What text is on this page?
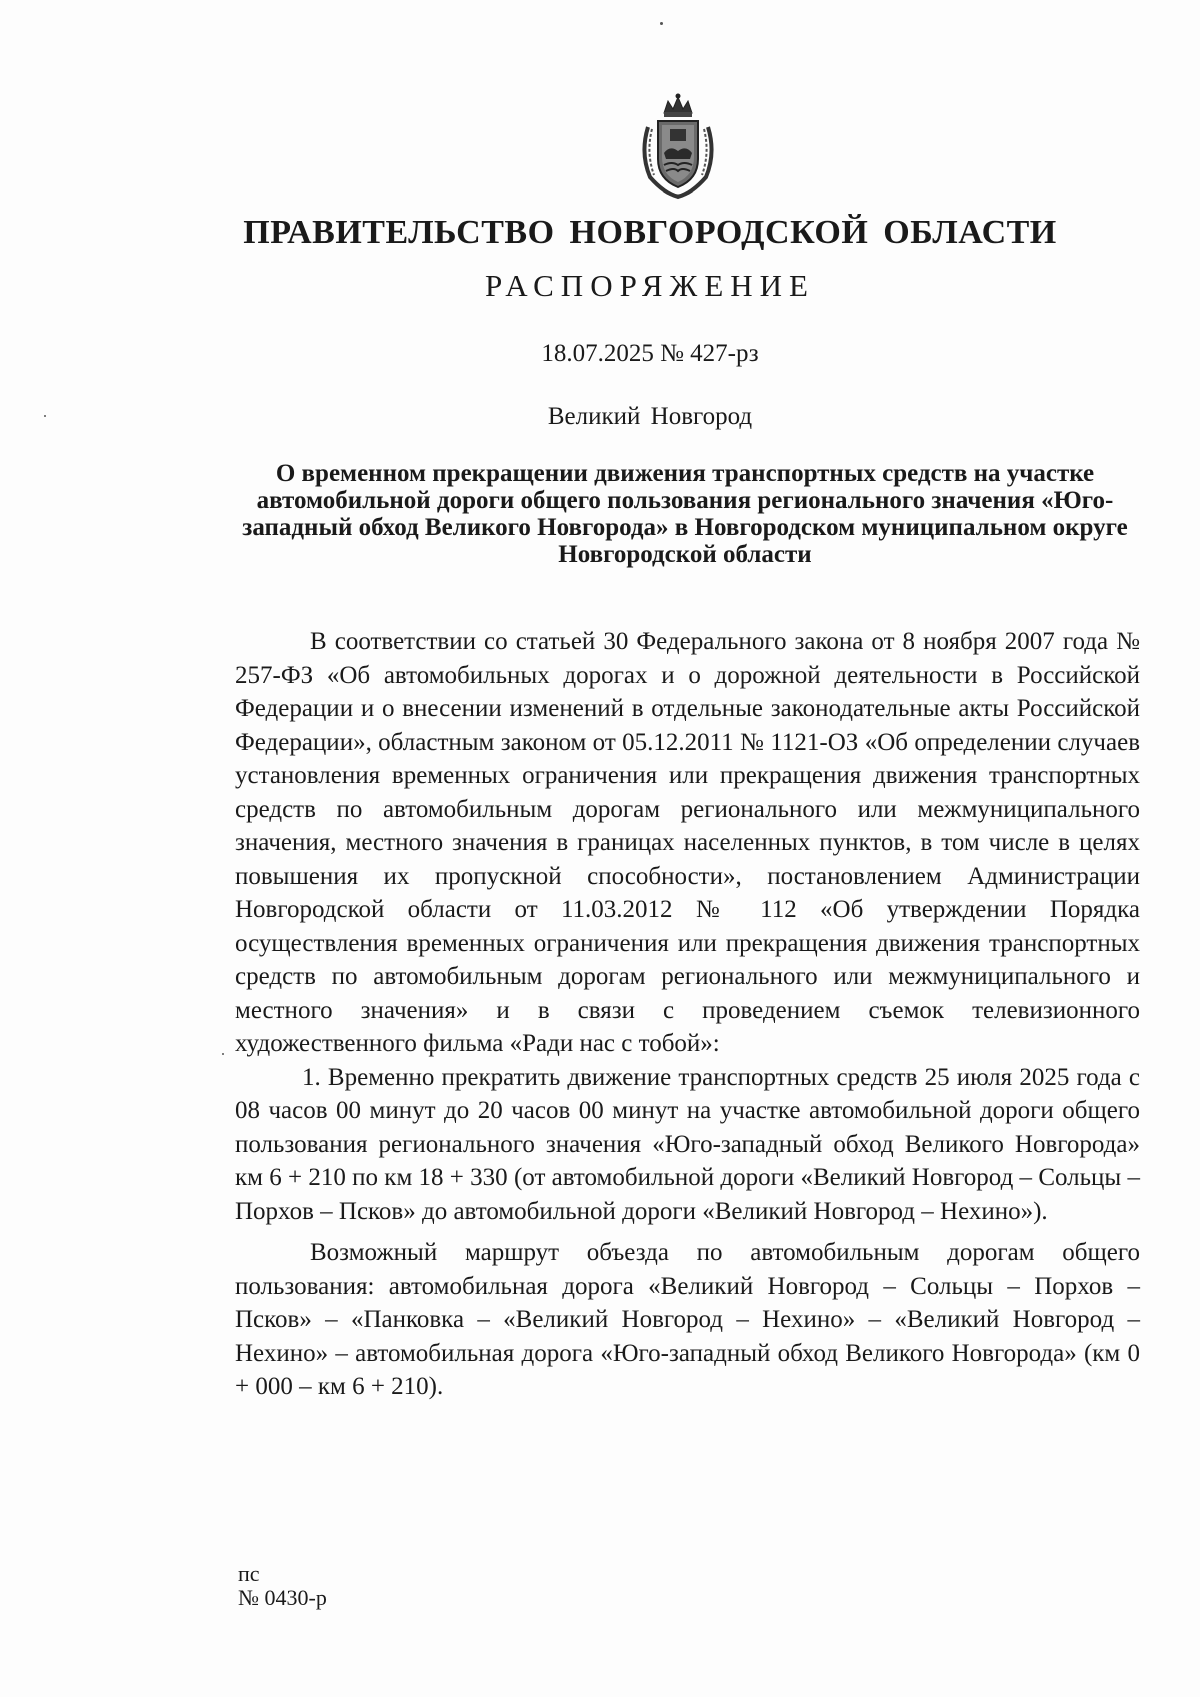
ПРАВИТЕЛЬСТВО НОВГОРОДСКОЙ ОБЛАСТИ
РАСПОРЯЖЕНИЕ
18.07.2025 № 427-рз
Великий Новгород
О временном прекращении движения транспортных средств на участке автомобильной дороги общего пользования регионального значения «Юго-западный обход Великого Новгорода» в Новгородском муниципальном округе Новгородской области

В соответствии со статьей 30 Федерального закона от 8 ноября 2007 года № 257-ФЗ «Об автомобильных дорогах и о дорожной деятельности в Российской Федерации и о внесении изменений в отдельные законодательные акты Российской Федерации», областным законом от 05.12.2011 № 1121-ОЗ «Об определении случаев установления временных ограничения или прекращения движения транспортных средств по автомобильным дорогам регионального или межмуниципального значения, местного значения в границах населенных пунктов, в том числе в целях повышения их пропускной способности», постановлением Администрации Новгородской области от 11.03.2012 № 112 «Об утверждении Порядка осуществления временных ограничения или прекращения движения транспортных средств по автомобильным дорогам регионального или межмуниципального и местного значения» и в связи с проведением съемок телевизионного художественного фильма «Ради нас с тобой»:

1. Временно прекратить движение транспортных средств 25 июля 2025 года с 08 часов 00 минут до 20 часов 00 минут на участке автомобильной дороги общего пользования регионального значения «Юго-западный обход Великого Новгорода» км 6 + 210 по км 18 + 330 (от автомобильной дороги «Великий Новгород – Сольцы – Порхов – Псков» до автомобильной дороги «Великий Новгород – Нехино»).

Возможный маршрут объезда по автомобильным дорогам общего пользования: автомобильная дорога «Великий Новгород – Сольцы – Порхов – Псков» – «Панковка – «Великий Новгород – Нехино» – «Великий Новгород – Нехино» – автомобильная дорога «Юго-западный обход Великого Новгорода» (км 0 + 000 – км 6 + 210).

пс
№ 0430-р
